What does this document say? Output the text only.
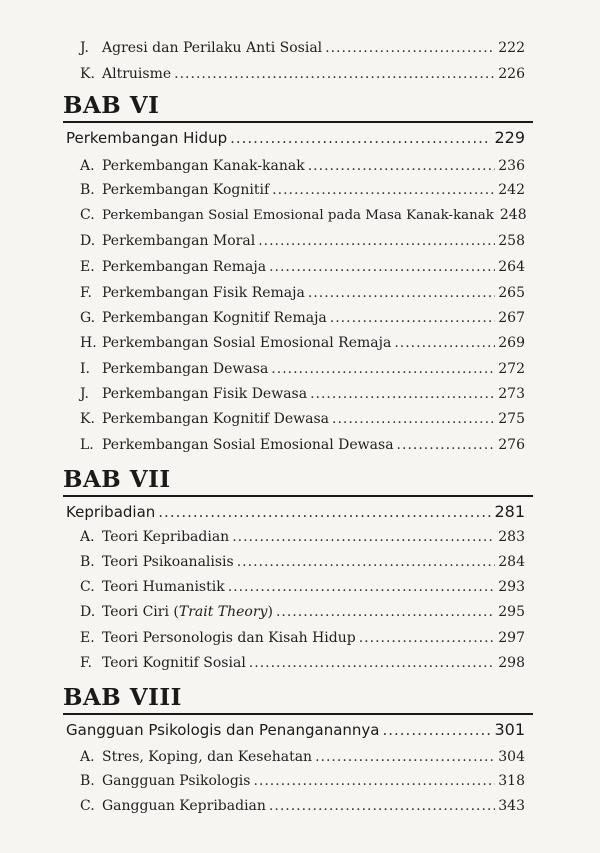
J. Agresi dan Perilaku Anti Sosial .....	222
K. Altruisme .....	226
BAB VI
Perkembangan Hidup .....	229
A. Perkembangan Kanak-kanak .....	236
B. Perkembangan Kognitif .....	242
C. Perkembangan Sosial Emosional pada Masa Kanak-kanak 248
D. Perkembangan Moral .....	258
E. Perkembangan Remaja .....	264
F. Perkembangan Fisik Remaja .....	265
G. Perkembangan Kognitif Remaja .....	267
H. Perkembangan Sosial Emosional Remaja .....	269
I. Perkembangan Dewasa .....	272
J. Perkembangan Fisik Dewasa .....	273
K. Perkembangan Kognitif Dewasa .....	275
L. Perkembangan Sosial Emosional Dewasa .....	276
BAB VII
Kepribadian .....	281
A. Teori Kepribadian .....	283
B. Teori Psikoanalisis .....	284
C. Teori Humanistik .....	293
D. Teori Ciri (Trait Theory) .....	295
E. Teori Personologis dan Kisah Hidup .....	297
F. Teori Kognitif Sosial .....	298
BAB VIII
Gangguan Psikologis dan Penanganannya .....	301
A. Stres, Koping, dan Kesehatan .....	304
B. Gangguan Psikologis .....	318
C. Gangguan Kepribadian .....	343
